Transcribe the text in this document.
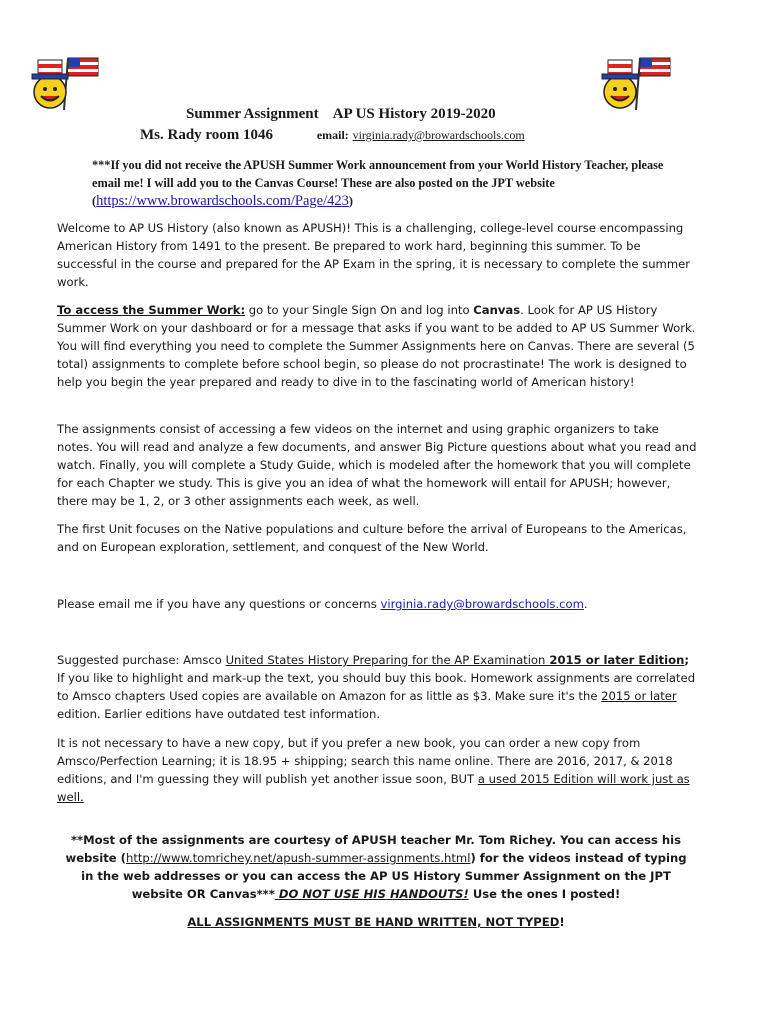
Summer Assignment AP US History 2019-2020
Ms. Rady room 1046	email: virginia.rady@browardschools.com
***If you did not receive the APUSH Summer Work announcement from your World History Teacher, please email me! I will add you to the Canvas Course! These are also posted on the JPT website (https://www.browardschools.com/Page/423)

Welcome to AP US History (also known as APUSH)! This is a challenging, college-level course encompassing American History from 1491 to the present. Be prepared to work hard, beginning this summer. To be successful in the course and prepared for the AP Exam in the spring, it is necessary to complete the summer work.

To access the Summer Work: go to your Single Sign On and log into Canvas. Look for AP US History Summer Work on your dashboard or for a message that asks if you want to be added to AP US Summer Work. You will find everything you need to complete the Summer Assignments here on Canvas. There are several (5 total) assignments to complete before school begin, so please do not procrastinate! The work is designed to help you begin the year prepared and ready to dive in to the fascinating world of American history!

The assignments consist of accessing a few videos on the internet and using graphic organizers to take notes. You will read and analyze a few documents, and answer Big Picture questions about what you read and watch. Finally, you will complete a Study Guide, which is modeled after the homework that you will complete for each Chapter we study. This is give you an idea of what the homework will entail for APUSH; however, there may be 1, 2, or 3 other assignments each week, as well.

The first Unit focuses on the Native populations and culture before the arrival of Europeans to the Americas, and on European exploration, settlement, and conquest of the New World.

Please email me if you have any questions or concerns virginia.rady@browardschools.com.

Suggested purchase: Amsco United States History Preparing for the AP Examination 2015 or later Edition; If you like to highlight and mark-up the text, you should buy this book. Homework assignments are correlated to Amsco chapters Used copies are available on Amazon for as little as $3. Make sure it's the 2015 or later edition. Earlier editions have outdated test information.

It is not necessary to have a new copy, but if you prefer a new book, you can order a new copy from Amsco/Perfection Learning; it is 18.95 + shipping; search this name online. There are 2016, 2017, & 2018 editions, and I'm guessing they will publish yet another issue soon, BUT a used 2015 Edition will work just as well.

**Most of the assignments are courtesy of APUSH teacher Mr. Tom Richey. You can access his website (http://www.tomrichey.net/apush-summer-assignments.html) for the videos instead of typing in the web addresses or you can access the AP US History Summer Assignment on the JPT website OR Canvas*** DO NOT USE HIS HANDOUTS! Use the ones I posted!

ALL ASSIGNMENTS MUST BE HAND WRITTEN, NOT TYPED!
